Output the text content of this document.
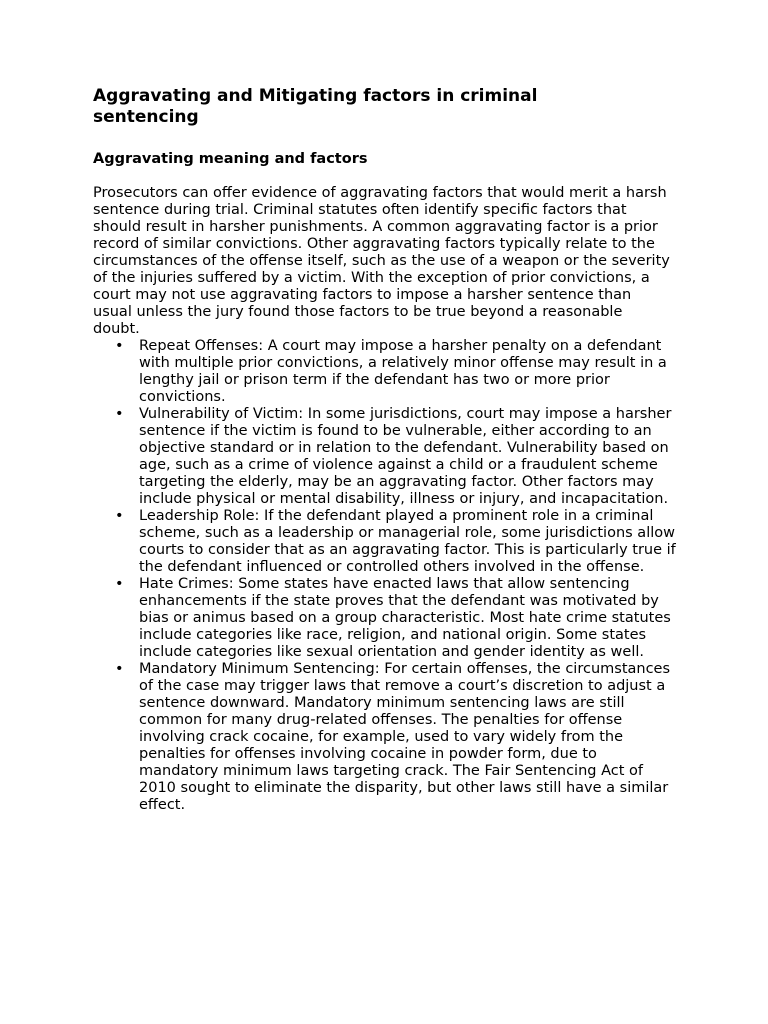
Aggravating and Mitigating factors in criminal sentencing
Aggravating meaning and factors

Prosecutors can offer evidence of aggravating factors that would merit a harsh sentence during trial. Criminal statutes often identify specific factors that should result in harsher punishments. A common aggravating factor is a prior record of similar convictions. Other aggravating factors typically relate to the circumstances of the offense itself, such as the use of a weapon or the severity of the injuries suffered by a victim. With the exception of prior convictions, a court may not use aggravating factors to impose a harsher sentence than usual unless the jury found those factors to be true beyond a reasonable doubt.

• Repeat Offenses: A court may impose a harsher penalty on a defendant with multiple prior convictions, a relatively minor offense may result in a lengthy jail or prison term if the defendant has two or more prior convictions.
• Vulnerability of Victim: In some jurisdictions, court may impose a harsher sentence if the victim is found to be vulnerable, either according to an objective standard or in relation to the defendant. Vulnerability based on age, such as a crime of violence against a child or a fraudulent scheme targeting the elderly, may be an aggravating factor. Other factors may include physical or mental disability, illness or injury, and incapacitation.
• Leadership Role: If the defendant played a prominent role in a criminal scheme, such as a leadership or managerial role, some jurisdictions allow courts to consider that as an aggravating factor. This is particularly true if the defendant influenced or controlled others involved in the offense.
• Hate Crimes: Some states have enacted laws that allow sentencing enhancements if the state proves that the defendant was motivated by bias or animus based on a group characteristic. Most hate crime statutes include categories like race, religion, and national origin. Some states include categories like sexual orientation and gender identity as well.
• Mandatory Minimum Sentencing: For certain offenses, the circumstances of the case may trigger laws that remove a court’s discretion to adjust a sentence downward. Mandatory minimum sentencing laws are still common for many drug-related offenses. The penalties for offense involving crack cocaine, for example, used to vary widely from the penalties for offenses involving cocaine in powder form, due to mandatory minimum laws targeting crack. The Fair Sentencing Act of 2010 sought to eliminate the disparity, but other laws still have a similar effect.
